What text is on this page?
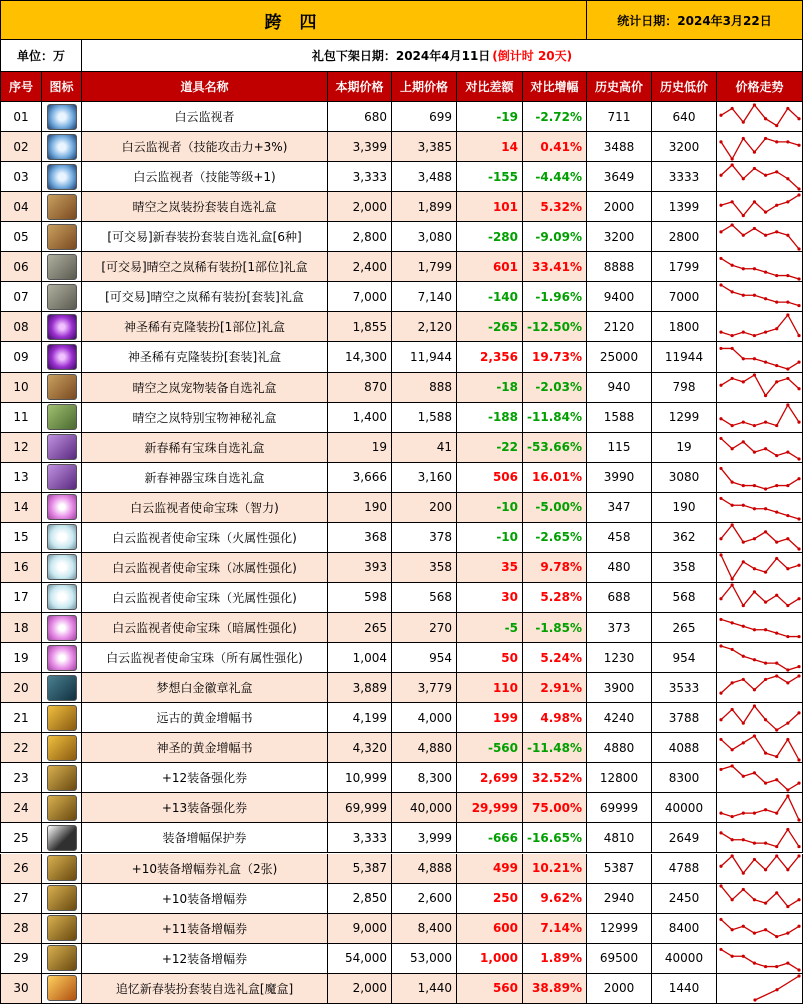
跨 四	统计日期：2024年3月22日
单位：万	礼包下架日期：2024年4月11日 (倒计时 20天)
序号	图标	道具名称	本期价格	上期价格	对比差额	对比增幅	历史高价	历史低价	价格走势
01	白云监视者	680	699	-19	-2.72%	711	640
02	白云监视者（技能攻击力+3%)	3,399	3,385	14	0.41%	3488	3200
03	白云监视者（技能等级+1)	3,333	3,488	-155	-4.44%	3649	3333
04	晴空之岚装扮套装自选礼盒	2,000	1,899	101	5.32%	2000	1399
05	[可交易]新春装扮套装自选礼盒[6种]	2,800	3,080	-280	-9.09%	3200	2800
06	[可交易]晴空之岚稀有装扮[1部位]礼盒	2,400	1,799	601	33.41%	8888	1799
07	[可交易]晴空之岚稀有装扮[套装]礼盒	7,000	7,140	-140	-1.96%	9400	7000
08	神圣稀有克隆装扮[1部位]礼盒	1,855	2,120	-265 -12.50%	2120	1800
09	神圣稀有克隆装扮[套装]礼盒	14,300	11,944	2,356	19.73%	25000	11944
10	晴空之岚宠物装备自选礼盒	870	888	-18	-2.03%	940	798
11	晴空之岚特别宝物神秘礼盒	1,400	1,588	-188 -11.84%	1588	1299
12	新春稀有宝珠自选礼盒	19	41	-22 -53.66%	115	19
13	新春神器宝珠自选礼盒	3,666	3,160	506	16.01%	3990	3080
14	白云监视者使命宝珠（智力)	190	200	-10	-5.00%	347	190
15	白云监视者使命宝珠（火属性强化)	368	378	-10	-2.65%	458	362
16	白云监视者使命宝珠（冰属性强化)	393	358	35	9.78%	480	358
17	白云监视者使命宝珠（光属性强化)	598	568	30	5.28%	688	568
18	白云监视者使命宝珠（暗属性强化)	265	270	-5	-1.85%	373	265
19	白云监视者使命宝珠（所有属性强化)	1,004	954	50	5.24%	1230	954
20	梦想白金徽章礼盒	3,889	3,779	110	2.91%	3900	3533
21	远古的黄金增幅书	4,199	4,000	199	4.98%	4240	3788
22	神圣的黄金增幅书	4,320	4,880	-560 -11.48%	4880	4088
23	+12装备强化券	10,999	8,300	2,699	32.52%	12800	8300
24	+13装备强化券	69,999	40,000	29,999	75.00%	69999	40000
25	装备增幅保护券	3,333	3,999	-666 -16.65%	4810	2649
26	+10装备增幅券礼盒（2张)	5,387	4,888	499	10.21%	5387	4788
27	+10装备增幅券	2,850	2,600	250	9.62%	2940	2450
28	+11装备增幅券	9,000	8,400	600	7.14%	12999	8400
29	+12装备增幅券	54,000	53,000	1,000	1.89%	69500	40000
30	追忆新春装扮套装自选礼盒[魔盒]	2,000	1,440	560	38.89%	2000	1440
